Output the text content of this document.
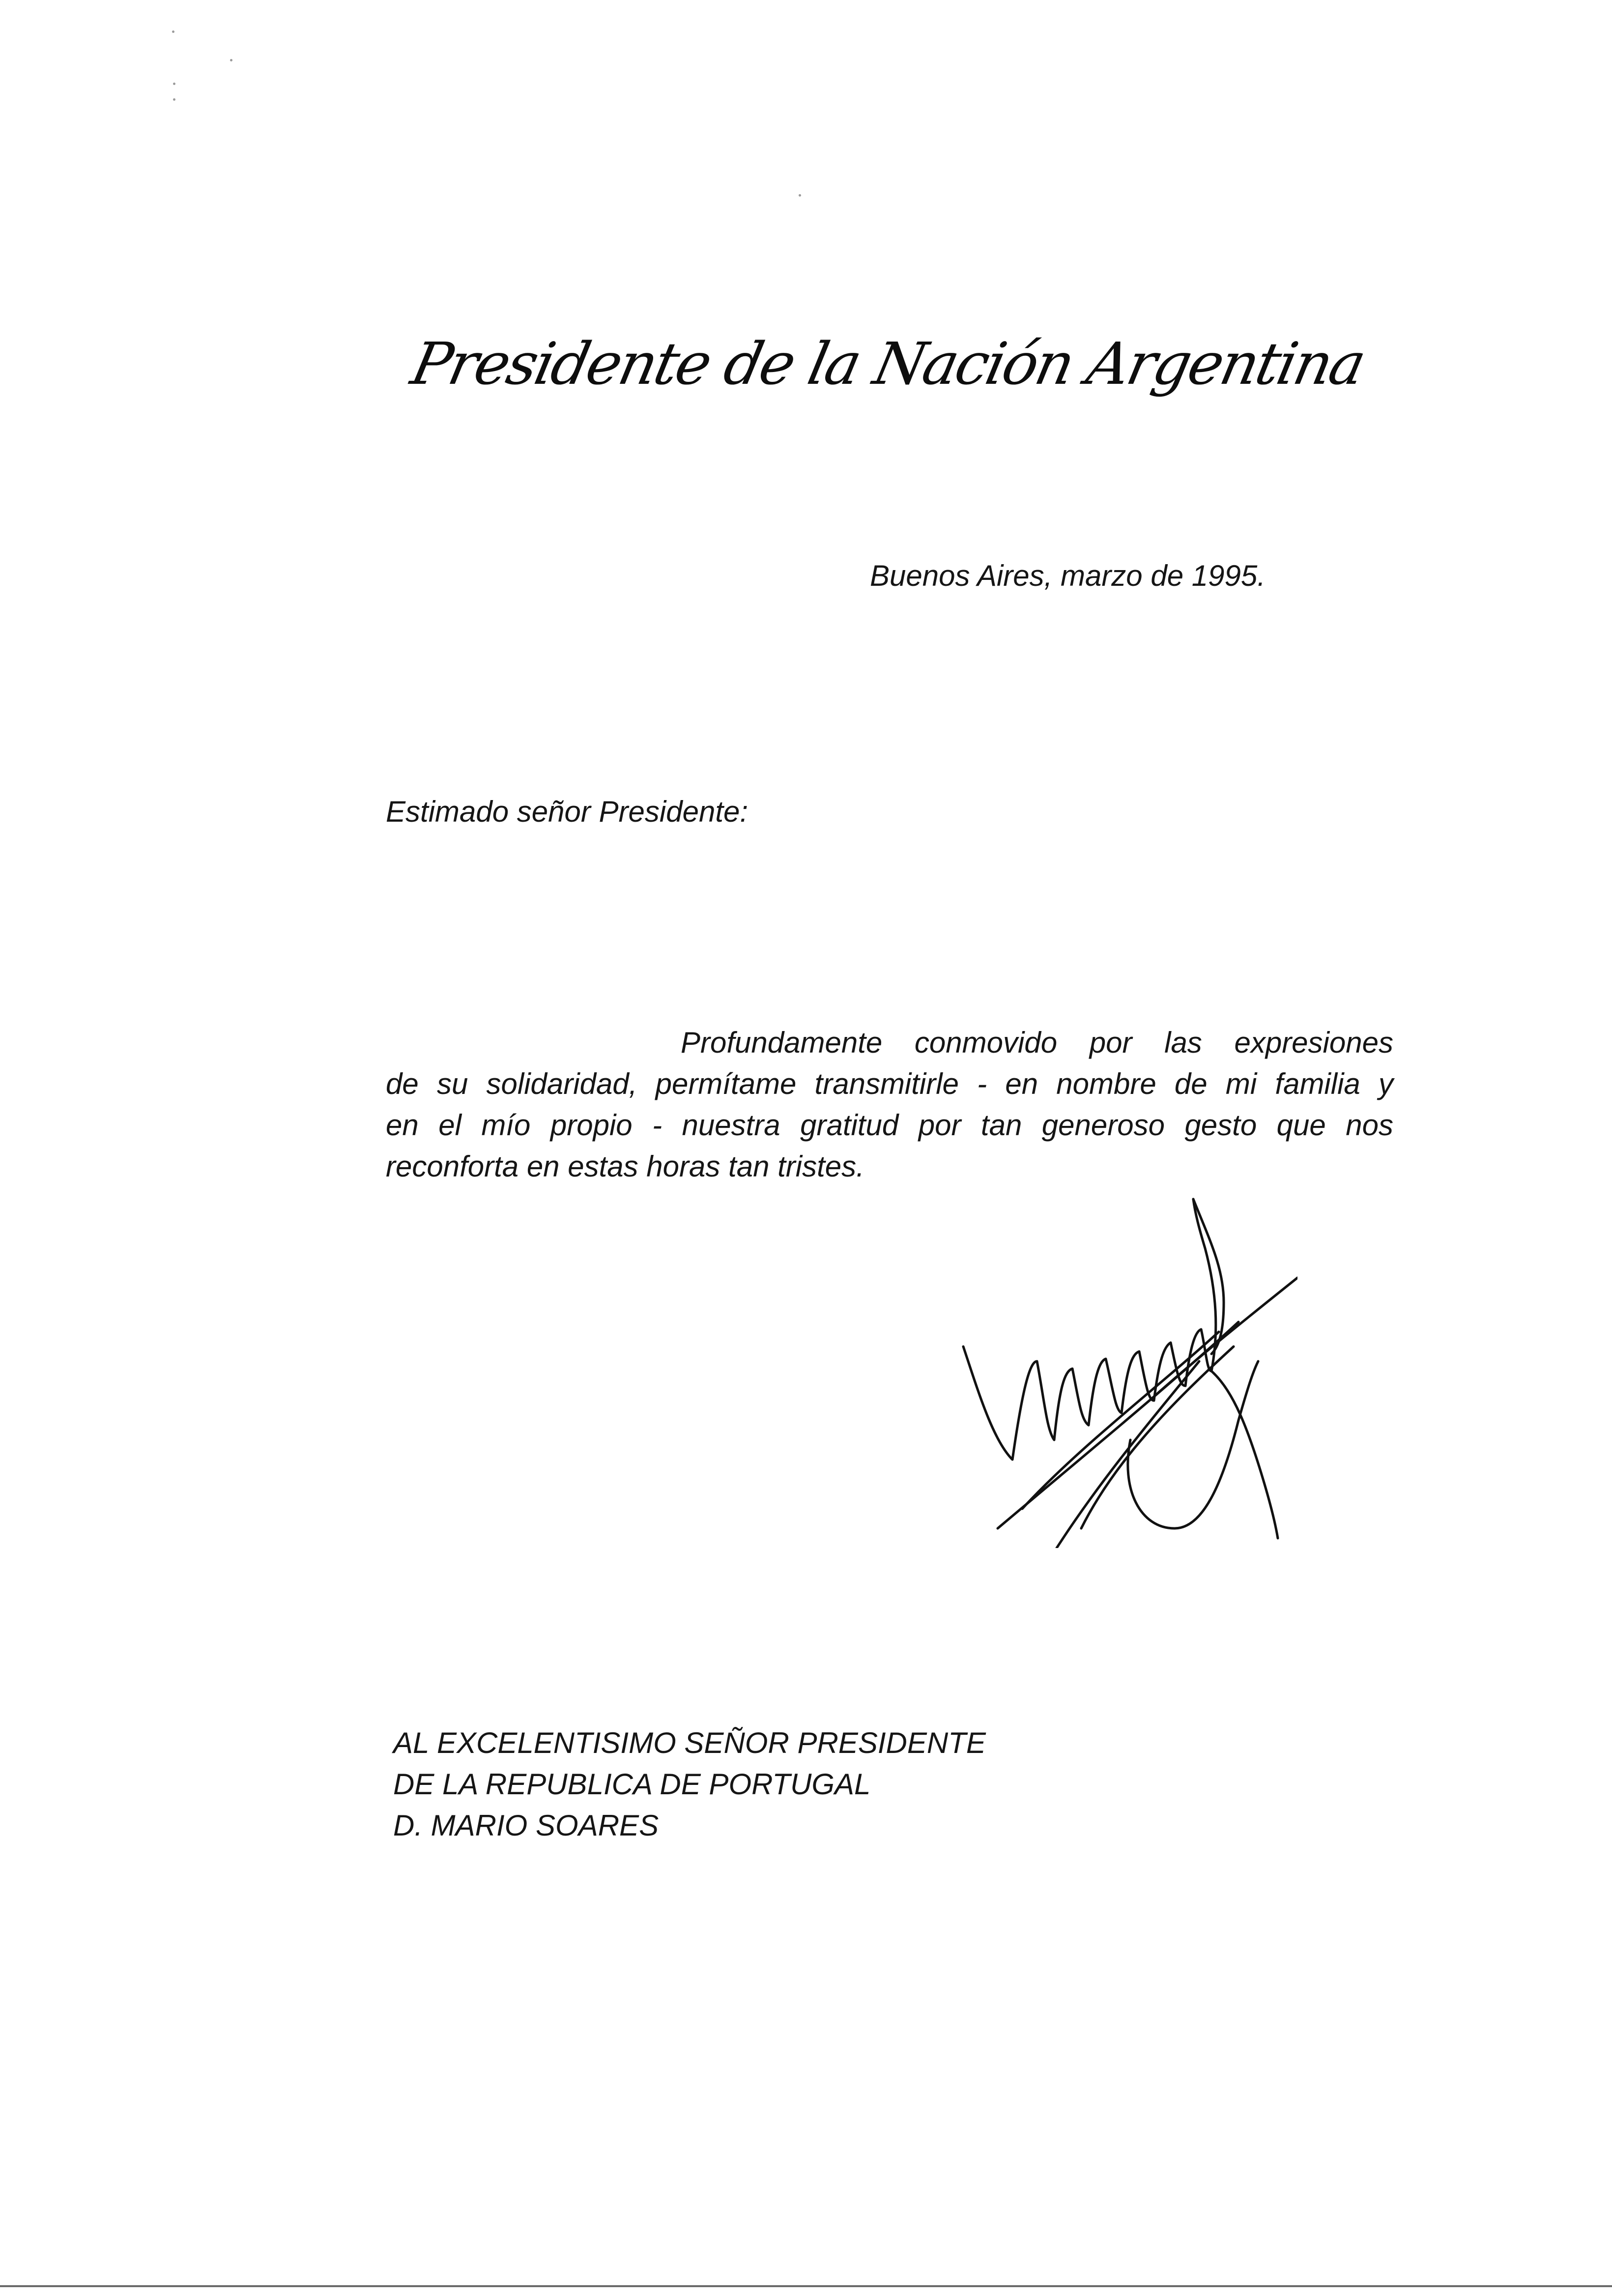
Presidente de la Nación Argentina
Buenos Aires, marzo de 1995.
Estimado señor Presidente:
Profundamente conmovido por las expresiones
de su solidaridad, permítame transmitirle - en nombre de mi familia y
en el mío propio - nuestra gratitud por tan generoso gesto que nos
reconforta en estas horas tan tristes.
AL EXCELENTISIMO SEÑOR PRESIDENTE
DE LA REPUBLICA DE PORTUGAL
D. MARIO SOARES
